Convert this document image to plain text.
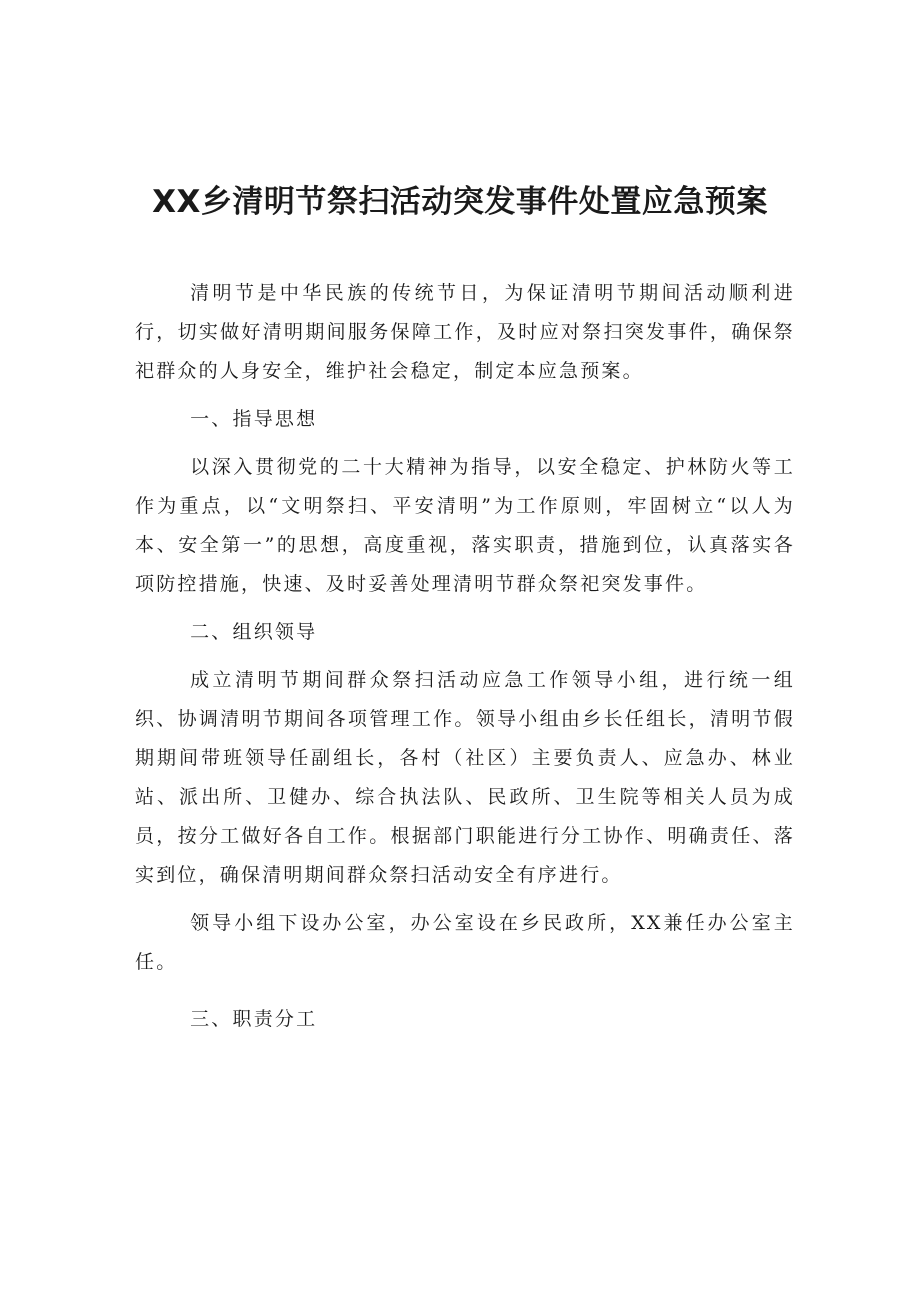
XX乡清明节祭扫活动突发事件处置应急预案

清明节是中华民族的传统节日，为保证清明节期间活动顺利进行，切实做好清明期间服务保障工作，及时应对祭扫突发事件，确保祭祀群众的人身安全，维护社会稳定，制定本应急预案。

一、指导思想

以深入贯彻党的二十大精神为指导，以安全稳定、护林防火等工作为重点，以“文明祭扫、平安清明”为工作原则，牢固树立“以人为本、安全第一”的思想，高度重视，落实职责，措施到位，认真落实各项防控措施，快速、及时妥善处理清明节群众祭祀突发事件。

二、组织领导

成立清明节期间群众祭扫活动应急工作领导小组，进行统一组织、协调清明节期间各项管理工作。领导小组由乡长任组长，清明节假期期间带班领导任副组长，各村（社区）主要负责人、应急办、林业站、派出所、卫健办、综合执法队、民政所、卫生院等相关人员为成员，按分工做好各自工作。根据部门职能进行分工协作、明确责任、落实到位，确保清明期间群众祭扫活动安全有序进行。

领导小组下设办公室，办公室设在乡民政所，XX兼任办公室主任。

三、职责分工
